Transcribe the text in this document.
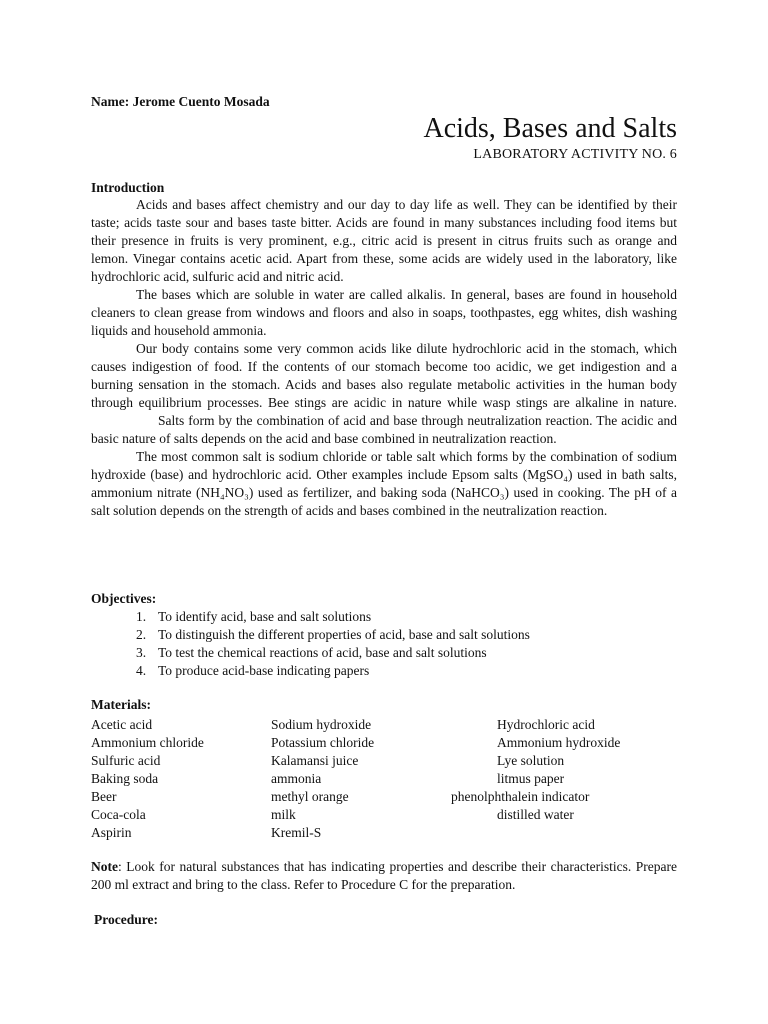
Name: Jerome Cuento Mosada
Acids, Bases and Salts
LABORATORY ACTIVITY NO. 6
Introduction

Acids and bases affect chemistry and our day to day life as well. They can be identified by their taste; acids taste sour and bases taste bitter. Acids are found in many substances including food items but their presence in fruits is very prominent, e.g., citric acid is present in citrus fruits such as orange and lemon. Vinegar contains acetic acid. Apart from these, some acids are widely used in the laboratory, like hydrochloric acid, sulfuric acid and nitric acid.

The bases which are soluble in water are called alkalis. In general, bases are found in household cleaners to clean grease from windows and floors and also in soaps, toothpastes, egg whites, dish washing liquids and household ammonia.

Our body contains some very common acids like dilute hydrochloric acid in the stomach, which causes indigestion of food. If the contents of our stomach become too acidic, we get indigestion and a burning sensation in the stomach. Acids and bases also regulate metabolic activities in the human body through equilibrium processes. Bee stings are acidic in nature while wasp stings are alkaline in nature.

Salts form by the combination of acid and base through neutralization reaction. The acidic and basic nature of salts depends on the acid and base combined in neutralization reaction.

The most common salt is sodium chloride or table salt which forms by the combination of sodium hydroxide (base) and hydrochloric acid. Other examples include Epsom salts (MgSO₄) used in bath salts, ammonium nitrate (NH₄NO₃) used as fertilizer, and baking soda (NaHCO₃) used in cooking. The pH of a salt solution depends on the strength of acids and bases combined in the neutralization reaction.

Objectives:
1. To identify acid, base and salt solutions
2. To distinguish the different properties of acid, base and salt solutions
3. To test the chemical reactions of acid, base and salt solutions
4. To produce acid-base indicating papers
Materials:
Acetic acid
Ammonium chloride
Sulfuric acid
Baking soda
Beer
Coca-cola
Aspirin
Sodium hydroxide
Potassium chloride
Kalamansi juice
ammonia
methyl orange
milk
Kremil-S
Hydrochloric acid
Ammonium hydroxide
Lye solution
litmus paper
phenolphthalein indicator
distilled water

Note: Look for natural substances that has indicating properties and describe their characteristics. Prepare 200 ml extract and bring to the class. Refer to Procedure C for the preparation.

Procedure:
